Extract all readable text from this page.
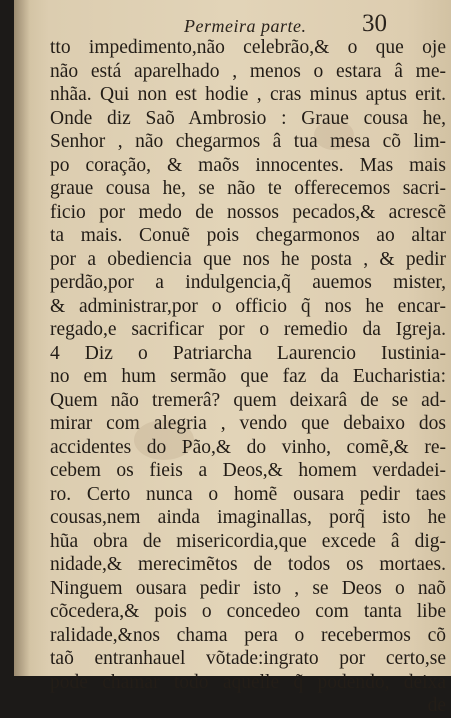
Permeira parte. 30
tto impedimento,não celebrão,& o que oje
não está aparelhado , menos o estara â me-
nhãa. Qui non est hodie , cras minus aptus erit.
Onde diz Saõ Ambrosio : Graue cousa he,
Senhor , não chegarmos â tua mesa cõ lim-
po coração, & maõs innocentes. Mas mais
graue cousa he, se não te offerecemos sacri-
ficio por medo de nossos pecados,& acrescẽ
ta mais. Conuẽ pois chegarmonos ao altar
por a obediencia que nos he posta , & pedir
perdão,por a indulgencia,q̃ auemos mister,
& administrar,por o officio q̃ nos he encar-
regado,e sacrificar por o remedio da Igreja.
4 Diz o Patriarcha Laurencio Iustinia-
no em hum sermão que faz da Eucharistia:
Quem não tremerâ? quem deixarâ de se ad-
mirar com alegria , vendo que debaixo dos
accidentes do Pão,& do vinho, comẽ,& re-
cebem os fieis a Deos,& homem verdadei-
ro. Certo nunca o homẽ ousara pedir taes
cousas,nem ainda imaginallas, porq̃ isto he
hũa obra de misericordia,que excede â dig-
nidade,& merecimẽtos de todos os mortaes.
Ninguem ousara pedir isto , se Deos o naõ
cõcedera,& pois o concedeo com tanta libe
ralidade,&nos chama pera o recebermos cõ
taõ entranhauel võtade:ingrato por certo,se
pode chamar todo aquelle q̃ podendo, deixa
de
